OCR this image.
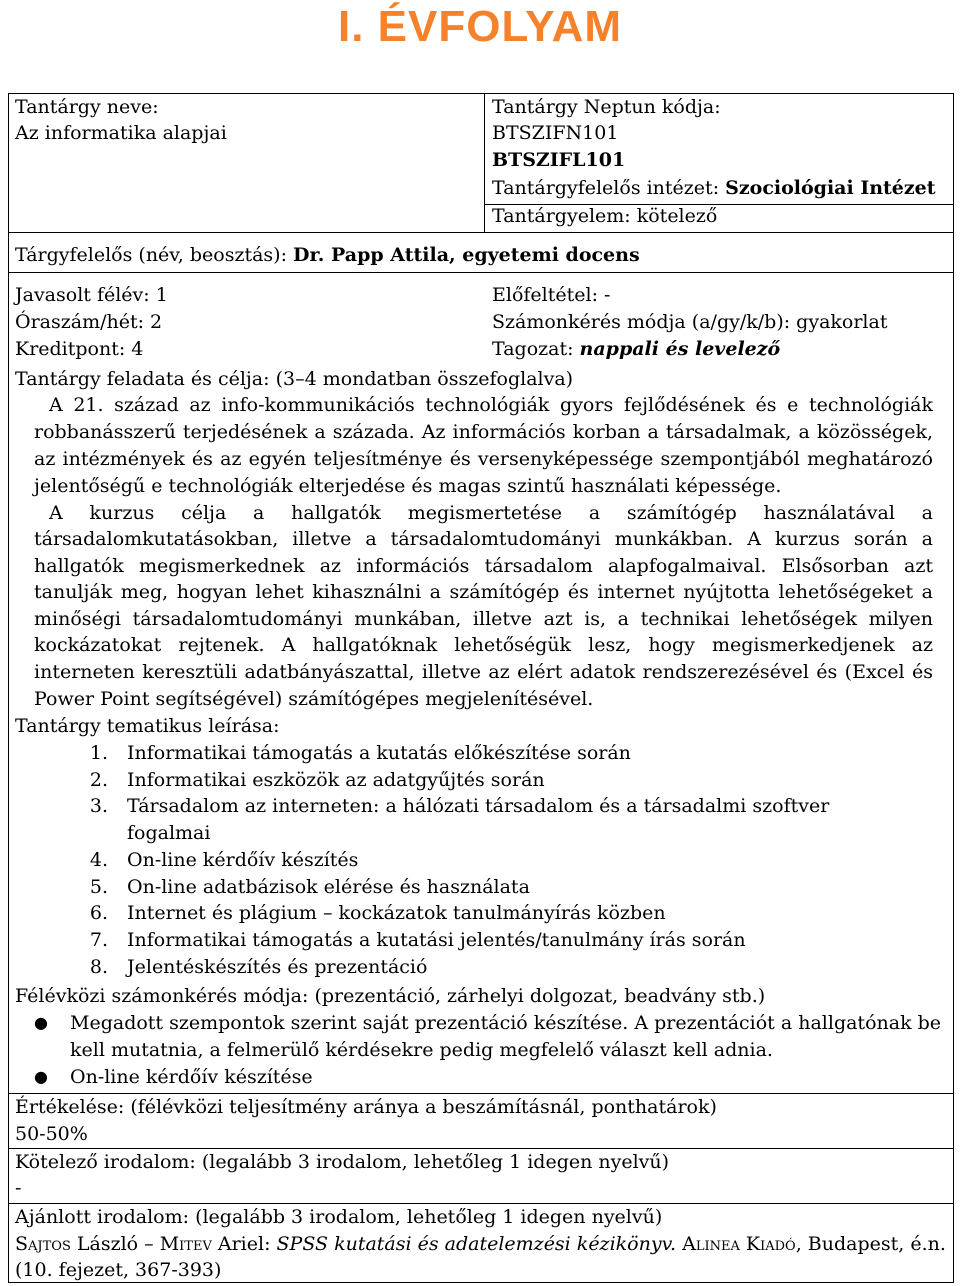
I. ÉVFOLYAM
Tantárgy neve:
Az informatika alapjai
Tantárgy Neptun kódja:
BTSZIFN101
BTSZIFL101
Tantárgyfelelős intézet: Szociológiai Intézet
Tantárgyelem: kötelező
Tárgyfelelős (név, beosztás): Dr. Papp Attila, egyetemi docens
Javasolt félév: 1	Előfeltétel: -
Óraszám/hét: 2	Számonkérés módja (a/gy/k/b): gyakorlat
Kreditpont: 4	Tagozat: nappali és levelező
Tantárgy feladata és célja: (3–4 mondatban összefoglalva)
A 21. század az info-kommunikációs technológiák gyors fejlődésének és e technológiák
robbanásszerű terjedésének a százada. Az információs korban a társadalmak, a közösségek,
az intézmények és az egyén teljesítménye és versenyképessége szempontjából meghatározó
jelentőségű e technológiák elterjedése és magas szintű használati képessége.
A kurzus célja a hallgatók megismertetése a számítógép használatával a
társadalomkutatásokban, illetve a társadalomtudományi munkákban. A kurzus során a
hallgatók megismerkednek az információs társadalom alapfogalmaival. Elsősorban azt
tanulják meg, hogyan lehet kihasználni a számítógép és internet nyújtotta lehetőségeket a
minőségi társadalomtudományi munkában, illetve azt is, a technikai lehetőségek milyen
kockázatokat rejtenek. A hallgatóknak lehetőségük lesz, hogy megismerkedjenek az
interneten keresztüli adatbányászattal, illetve az elért adatok rendszerezésével és (Excel és
Power Point segítségével) számítógépes megjelenítésével.
Tantárgy tematikus leírása:
1. Informatikai támogatás a kutatás előkészítése során
2. Informatikai eszközök az adatgyűjtés során
3. Társadalom az interneten: a hálózati társadalom és a társadalmi szoftver
fogalmai
4. On-line kérdőív készítés
5. On-line adatbázisok elérése és használata
6. Internet és plágium – kockázatok tanulmányírás közben
7. Informatikai támogatás a kutatási jelentés/tanulmány írás során
8. Jelentéskészítés és prezentáció
Félévközi számonkérés módja: (prezentáció, zárhelyi dolgozat, beadvány stb.)
● Megadott szempontok szerint saját prezentáció készítése. A prezentációt a hallgatónak be
kell mutatnia, a felmerülő kérdésekre pedig megfelelő választ kell adnia.
● On-line kérdőív készítése
Értékelése: (félévközi teljesítmény aránya a beszámításnál, ponthatárok)
50-50%
Kötelező irodalom: (legalább 3 irodalom, lehetőleg 1 idegen nyelvű)
-
Ajánlott irodalom: (legalább 3 irodalom, lehetőleg 1 idegen nyelvű)
Sajtos László – Mitev Ariel: SPSS kutatási és adatelemzési kézikönyv. Alinea Kiadó, Budapest, é.n.
(10. fejezet, 367-393)
